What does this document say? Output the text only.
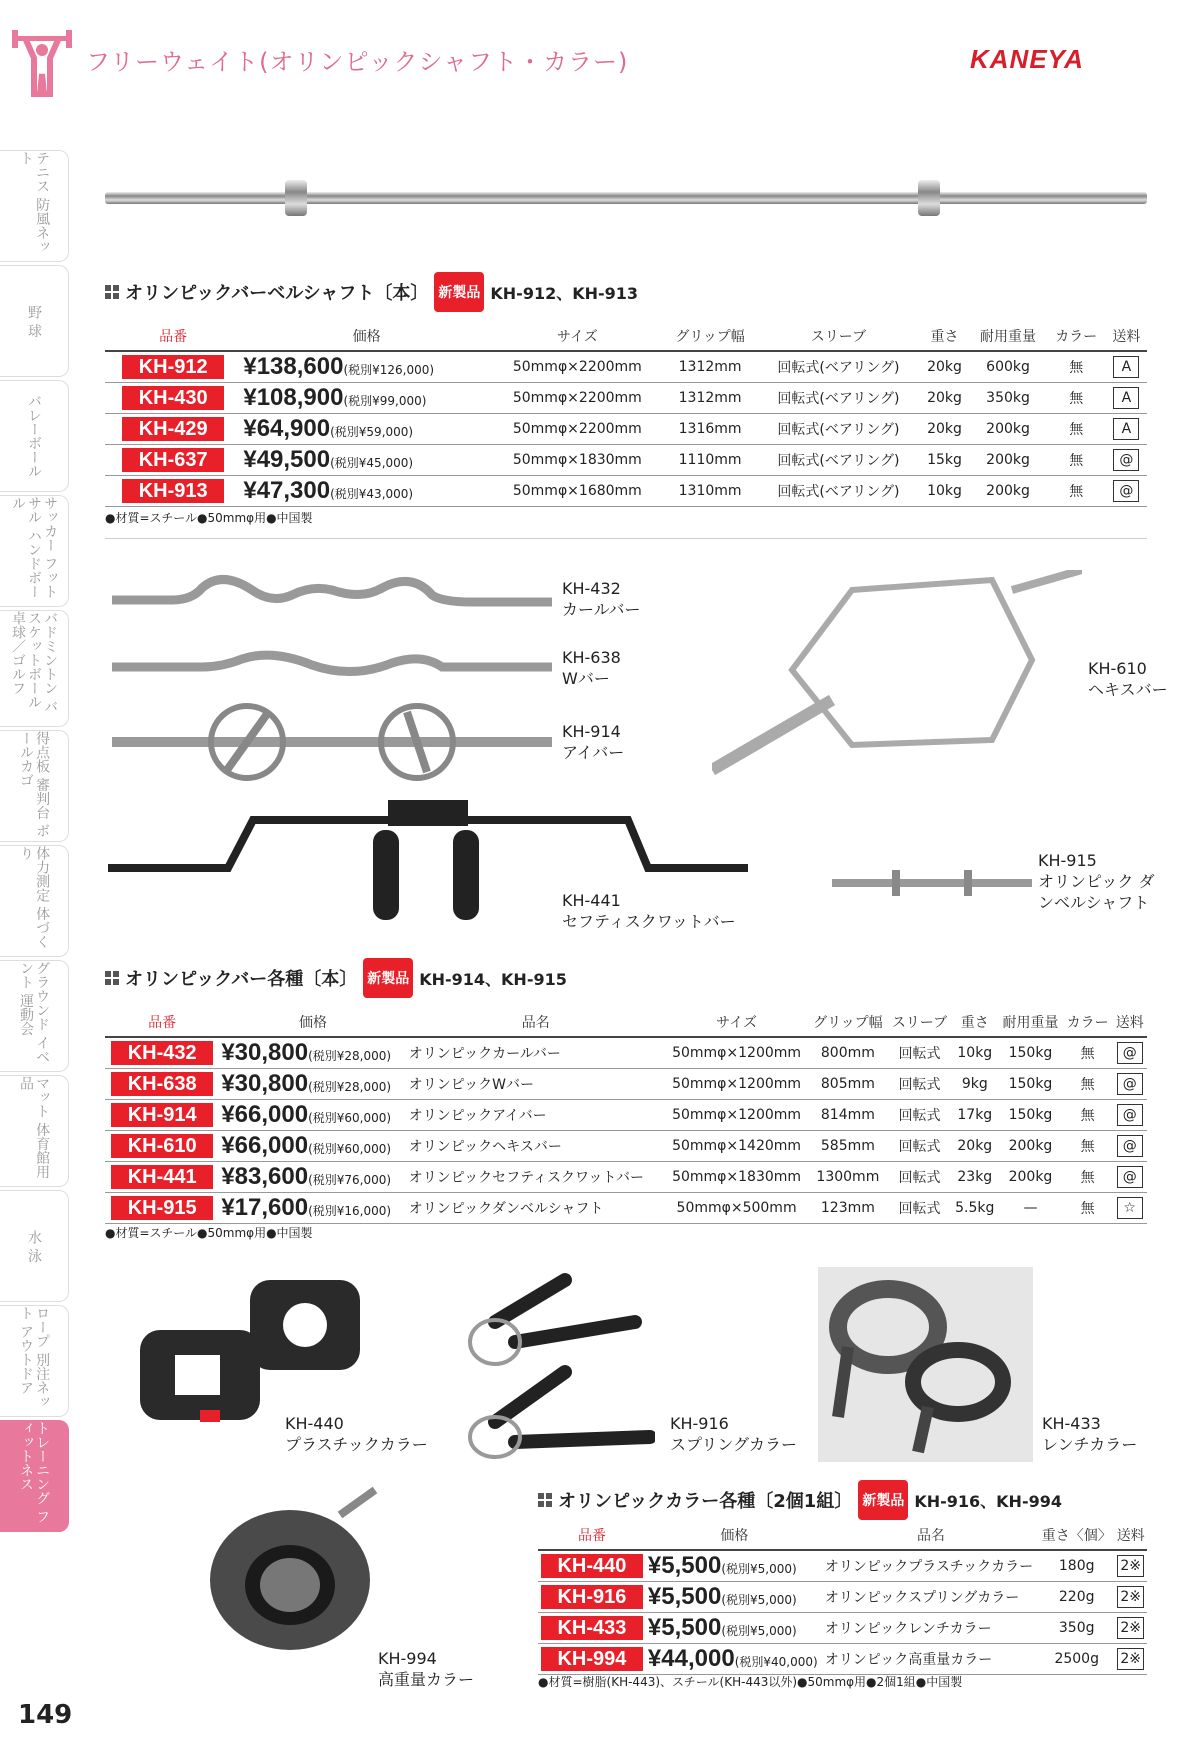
フリーウェイト(オリンピックシャフト・カラー)	KANEYA
テニス 防風ネット
野 球
バレーボール
サッカー フットサル ハンドボール
バドミントン バスケットボール 卓球／ゴルフ
得点板 審判台 ボールカゴ
体力測定 体づくり
グラウンド イベント 運動会
マット 体育館用品
水 泳
ロープ 別注ネット アウトドア
トレーニング フィットネス
149
オリンピックバーベルシャフト〔本〕 新製品 KH-912、KH-913
品番	価格	サイズ	グリップ幅	スリーブ	重さ	耐用重量	カラー	送料
KH-912	¥138,600(税別¥126,000)	50mmφ×2200mm	1312mm	回転式(ベアリング)	20kg	600kg	無	A
KH-430	¥108,900(税別¥99,000)	50mmφ×2200mm	1312mm	回転式(ベアリング)	20kg	350kg	無	A
KH-429	¥64,900(税別¥59,000)	50mmφ×2200mm	1316mm	回転式(ベアリング)	20kg	200kg	無	A
KH-637	¥49,500(税別¥45,000)	50mmφ×1830mm	1110mm	回転式(ベアリング)	15kg	200kg	無	@
KH-913	¥47,300(税別¥43,000)	50mmφ×1680mm	1310mm	回転式(ベアリング)	10kg	200kg	無	@
●材質=スチール●50mmφ用●中国製
KH-432
カールバー
KH-638
Wバー
KH-914
アイバー
KH-441
セフティスクワットバー
KH-610
ヘキスバー
KH-915
オリンピック ダンベルシャフト
オリンピックバー各種〔本〕 新製品 KH-914、KH-915
品番	価格	品名	サイズ	グリップ幅	スリーブ	重さ	耐用重量	カラー	送料
KH-432	¥30,800(税別¥28,000)	オリンピックカールバー	50mmφ×1200mm	800mm	回転式	10kg	150kg	無	@
KH-638	¥30,800(税別¥28,000)	オリンピックWバー	50mmφ×1200mm	805mm	回転式	9kg	150kg	無	@
KH-914	¥66,000(税別¥60,000)	オリンピックアイバー	50mmφ×1200mm	814mm	回転式	17kg	150kg	無	@
KH-610	¥66,000(税別¥60,000)	オリンピックヘキスバー	50mmφ×1420mm	585mm	回転式	20kg	200kg	無	@
KH-441	¥83,600(税別¥76,000)	オリンピックセフティスクワットバー	50mmφ×1830mm	1300mm	回転式	23kg	200kg	無	@
KH-915	¥17,600(税別¥16,000)	オリンピックダンベルシャフト	50mmφ×500mm	123mm	回転式	5.5kg	—	無	☆
●材質=スチール●50mmφ用●中国製
KH-440
プラスチックカラー
KH-916
スプリングカラー
KH-433
レンチカラー
KH-994
高重量カラー
オリンピックカラー各種〔2個1組〕 新製品 KH-916、KH-994
品番	価格	品名	重さ〈個〉	送料
KH-440	¥5,500(税別¥5,000)	オリンピックプラスチックカラー	180g	2※
KH-916	¥5,500(税別¥5,000)	オリンピックスプリングカラー	220g	2※
KH-433	¥5,500(税別¥5,000)	オリンピックレンチカラー	350g	2※
KH-994	¥44,000(税別¥40,000)	オリンピック高重量カラー	2500g	2※
●材質=樹脂(KH-443)、スチール(KH-443以外)●50mmφ用●2個1組●中国製
